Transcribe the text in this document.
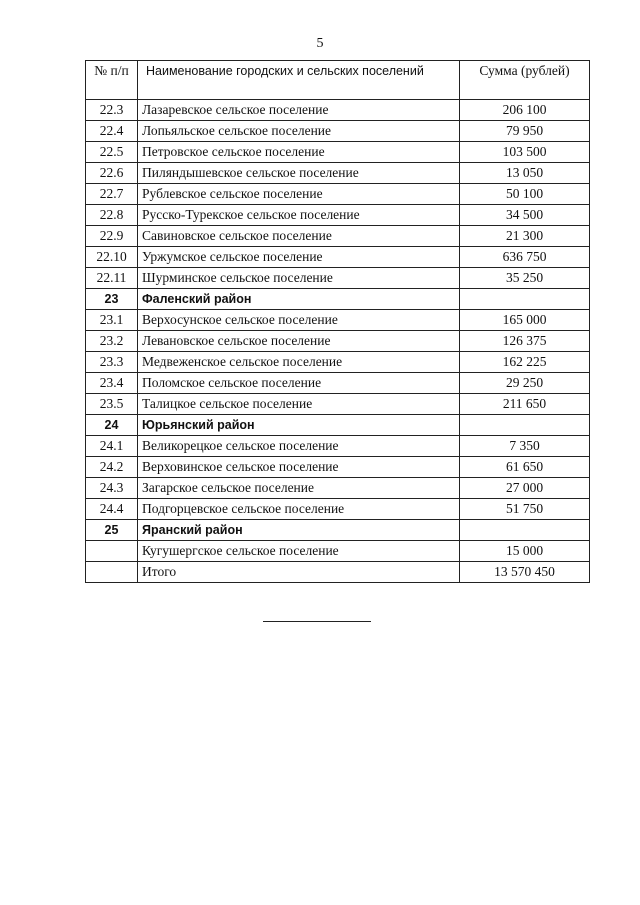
5
№ п/п	Наименование городских и сельских поселений	Сумма (рублей)
22.3	Лазаревское сельское поселение	206 100
22.4	Лопьяльское сельское поселение	79 950
22.5	Петровское сельское поселение	103 500
22.6	Пиляндышевское сельское поселение	13 050
22.7	Рублевское сельское поселение	50 100
22.8	Русско-Турекское сельское поселение	34 500
22.9	Савиновское сельское поселение	21 300
22.10	Уржумское сельское поселение	636 750
22.11	Шурминское сельское поселение	35 250
23	Фаленский район	
23.1	Верхосунское сельское поселение	165 000
23.2	Левановское сельское поселение	126 375
23.3	Медвеженское сельское поселение	162 225
23.4	Поломское сельское поселение	29 250
23.5	Талицкое сельское поселение	211 650
24	Юрьянский район	
24.1	Великорецкое сельское поселение	7 350
24.2	Верховинское сельское поселение	61 650
24.3	Загарское сельское поселение	27 000
24.4	Подгорцевское сельское поселение	51 750
25	Яранский район	
	Кугушергское сельское поселение	15 000
	Итого	13 570 450
